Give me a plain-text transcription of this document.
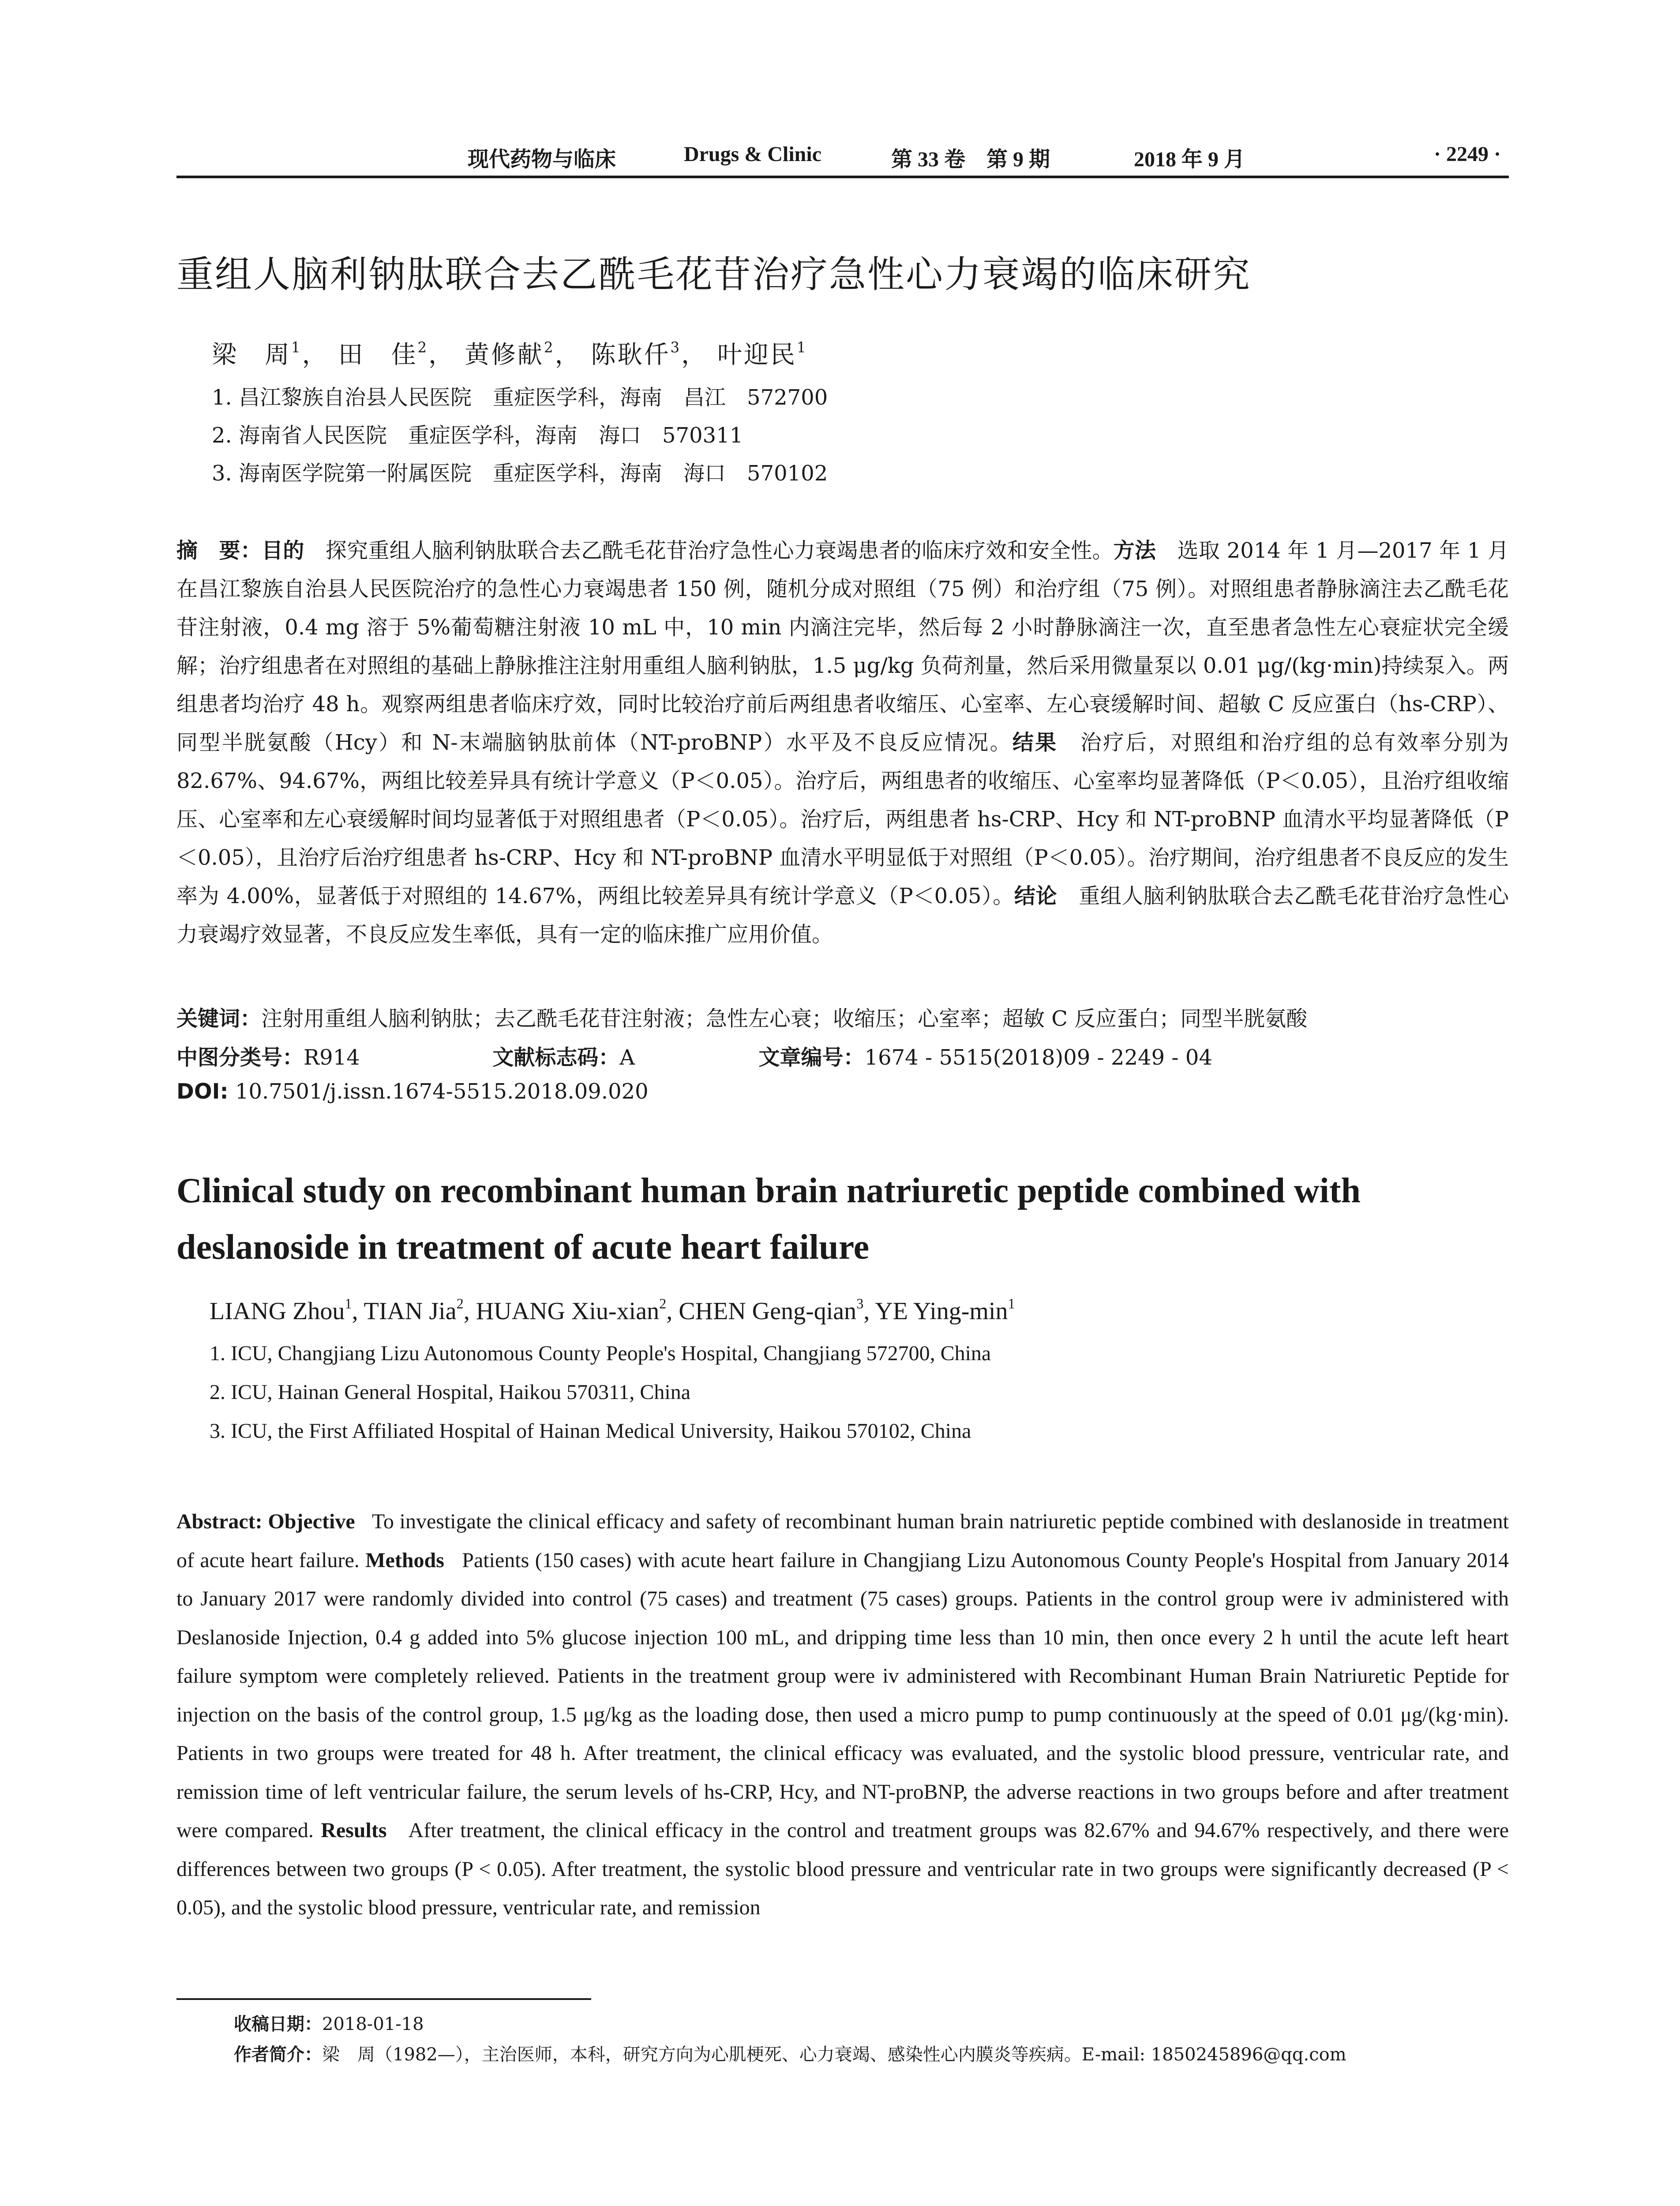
现代药物与临床	Drugs & Clinic	第 33 卷　第 9 期	2018 年 9 月	· 2249 ·
重组人脑利钠肽联合去乙酰毛花苷治疗急性心力衰竭的临床研究
梁　周$^1$， 田　佳$^2$， 黄修献$^2$， 陈耿仟$^3$， 叶迎民$^1$
1. 昌江黎族自治县人民医院　重症医学科，海南　昌江　572700
2. 海南省人民医院　重症医学科，海南　海口　570311
3. 海南医学院第一附属医院　重症医学科，海南　海口　570102
摘　要：目的　 探究重组人脑利钠肽联合去乙酰毛花苷治疗急性心力衰竭患者的临床疗效和安全性。方法　 选取 2014 年 1 月—2017 年 1 月在昌江黎族自治县人民医院治疗的急性心力衰竭患者 150 例，随机分成对照组（75 例）和治疗组（75 例）。对照组患者静脉滴注去乙酰毛花苷注射液，0.4 mg 溶于 5%葡萄糖注射液 10 mL 中，10 min 内滴注完毕，然后每 2 小时静脉滴注一次，直至患者急性左心衰症状完全缓解；治疗组患者在对照组的基础上静脉推注注射用重组人脑利钠肽，1.5 μg/kg 负荷剂量，然后采用微量泵以 0.01 μg/(kg·min)持续泵入。两组患者均治疗 48 h。观察两组患者临床疗效，同时比较治疗前后两组患者收缩压、心室率、左心衰缓解时间、超敏 C 反应蛋白（hs-CRP）、同型半胱氨酸（Hcy）和 N-末端脑钠肽前体（NT-proBNP）水平及不良反应情况。结果　 治疗后，对照组和治疗组的总有效率分别为 82.67%、94.67%，两组比较差异具有统计学意义（P＜0.05）。治疗后，两组患者的收缩压、心室率均显著降低（P＜0.05），且治疗组收缩压、心室率和左心衰缓解时间均显著低于对照组患者（P＜0.05）。治疗后，两组患者 hs-CRP、Hcy 和 NT-proBNP 血清水平均显著降低（P＜0.05），且治疗后治疗组患者 hs-CRP、Hcy 和 NT-proBNP 血清水平明显低于对照组（P＜0.05）。治疗期间，治疗组患者不良反应的发生率为 4.00%，显著低于对照组的 14.67%，两组比较差异具有统计学意义（P＜0.05）。结论　 重组人脑利钠肽联合去乙酰毛花苷治疗急性心力衰竭疗效显著，不良反应发生率低，具有一定的临床推广应用价值。
关键词：注射用重组人脑利钠肽；去乙酰毛花苷注射液；急性左心衰；收缩压；心室率；超敏 C 反应蛋白；同型半胱氨酸
中图分类号：R914	文献标志码：A	文章编号：1674 - 5515(2018)09 - 2249 - 04
DOI: 10.7501/j.issn.1674-5515.2018.09.020
Clinical study on recombinant human brain natriuretic peptide combined with deslanoside in treatment of acute heart failure
LIANG Zhou$^1$, TIAN Jia$^2$, HUANG Xiu-xian$^2$, CHEN Geng-qian$^3$, YE Ying-$\min^1$
1. ICU, Changjiang Lizu Autonomous County People's Hospital, Changjiang 572700, China
2. ICU, Hainan General Hospital, Haikou 570311, China
3. ICU, the First Affiliated Hospital of Hainan Medical University, Haikou 570102, China
Abstract: Objective To investigate the clinical efficacy and safety of recombinant human brain natriuretic peptide combined with deslanoside in treatment of acute heart failure. Methods Patients (150 cases) with acute heart failure in Changjiang Lizu Autonomous County People's Hospital from January 2014 to January 2017 were randomly divided into control (75 cases) and treatment (75 cases) groups. Patients in the control group were iv administered with Deslanoside Injection, 0.4 g added into 5% glucose injection 100 mL, and dripping time less than 10 min, then once every 2 h until the acute left heart failure symptom were completely relieved. Patients in the treatment group were iv administered with Recombinant Human Brain Natriuretic Peptide for injection on the basis of the control group, 1.5 μg/kg as the loading dose, then used a micro pump to pump continuously at the speed of 0.01 μg/(kg·min). Patients in two groups were treated for 48 h. After treatment, the clinical efficacy was evaluated, and the systolic blood pressure, ventricular rate, and remission time of left ventricular failure, the serum levels of hs-CRP, Hcy, and NT-proBNP, the adverse reactions in two groups before and after treatment were compared. Results After treatment, the clinical efficacy in the control and treatment groups was 82.67% and 94.67% respectively, and there were differences between two groups (P < 0.05). After treatment, the systolic blood pressure and ventricular rate in two groups were significantly decreased (P < 0.05), and the systolic blood pressure, ventricular rate, and remission
收稿日期：2018-01-18
作者简介：梁　周（1982—），主治医师，本科，研究方向为心肌梗死、心力衰竭、感染性心内膜炎等疾病。E-mail: 1850245896@qq.com
